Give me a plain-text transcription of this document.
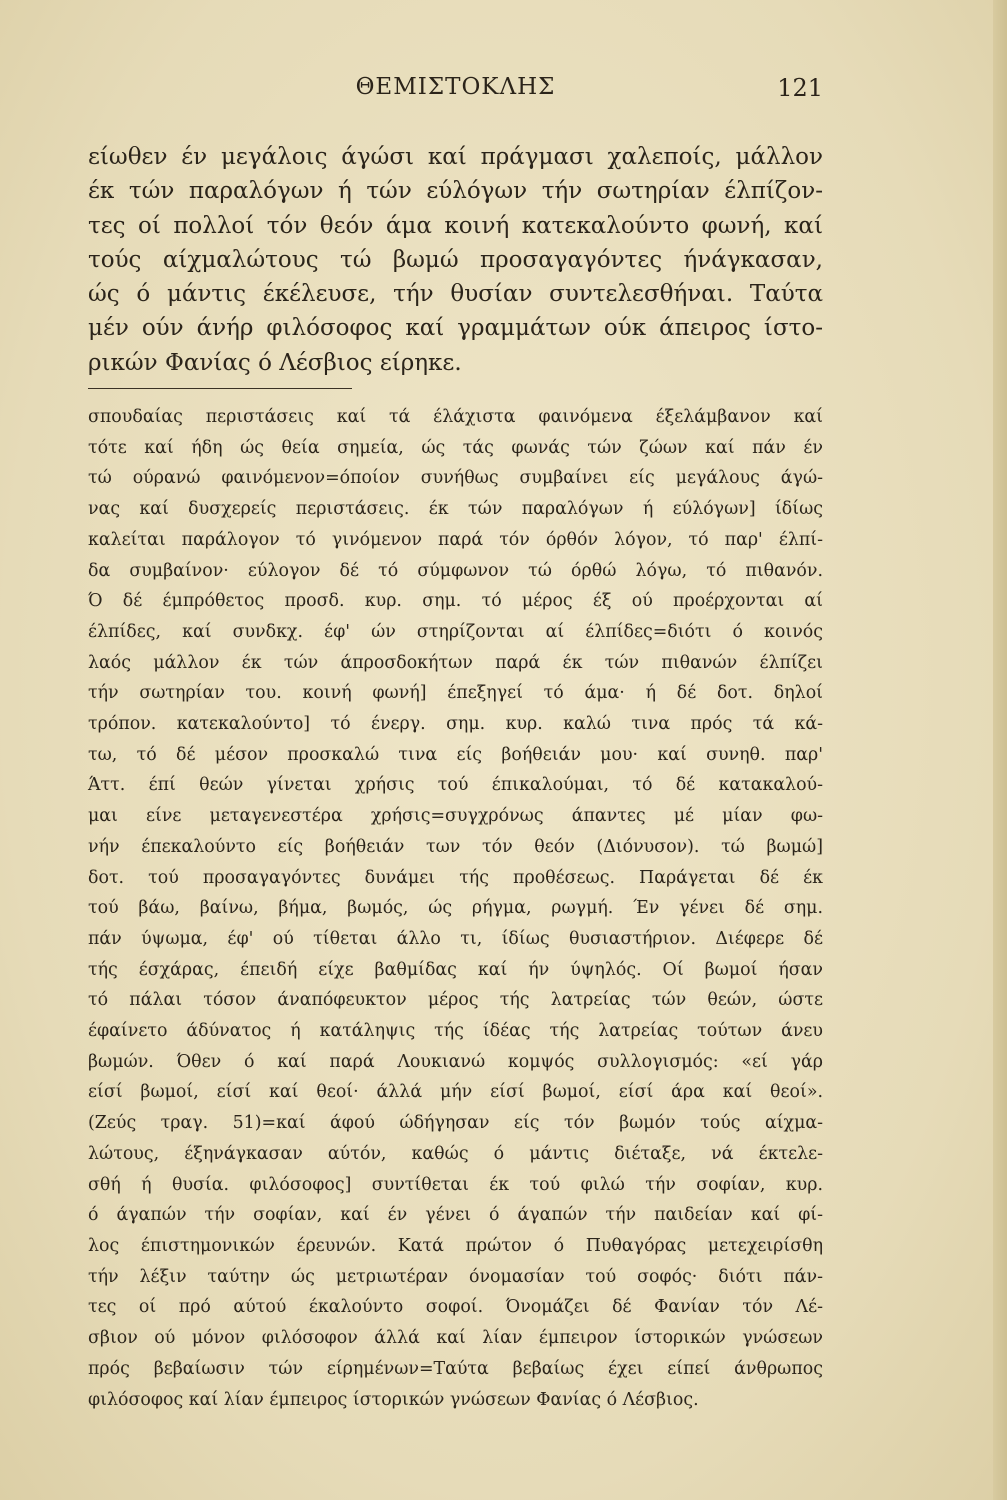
ΘΕΜΙΣΤΟΚΛΗΣ	121
είωθεν έν μεγάλοις άγώσι καί πράγμασι χαλεποίς, μάλλον
έκ τών παραλόγων ή τών εύλόγων τήν σωτηρίαν έλπίζον-
τες οί πολλοί τόν θεόν άμα κοινή κατεκαλούντο φωνή, καί
τούς αίχμαλώτους τώ βωμώ προσαγαγόντες ήνάγκασαν,
ώς ό μάντις έκέλευσε, τήν θυσίαν συντελεσθήναι. Ταύτα
μέν ούν άνήρ φιλόσοφος καί γραμμάτων ούκ άπειρος ίστο-
ρικών Φανίας ό Λέσβιος είρηκε.
σπουδαίας περιστάσεις καί τά έλάχιστα φαινόμενα έξελάμβανον καί
τότε καί ήδη ώς θεία σημεία, ώς τάς φωνάς τών ζώων καί πάν έν
τώ ούρανώ φαινόμενον=όποίον συνήθως συμβαίνει είς μεγάλους άγώ-
νας καί δυσχερείς περιστάσεις. έκ τών παραλόγων ή εύλόγων] ίδίως
καλείται παράλογον τό γινόμενον παρά τόν όρθόν λόγον, τό παρ' έλπί-
δα συμβαίνον· εύλογον δέ τό σύμφωνον τώ όρθώ λόγω, τό πιθανόν.
Ό δέ έμπρόθετος προσδ. κυρ. σημ. τό μέρος έξ ού προέρχονται αί
έλπίδες, καί συνδκχ. έφ' ών στηρίζονται αί έλπίδες=διότι ό κοινός
λαός μάλλον έκ τών άπροσδοκήτων παρά έκ τών πιθανών έλπίζει
τήν σωτηρίαν του. κοινή φωνή] έπεξηγεί τό άμα· ή δέ δοτ. δηλοί
τρόπον. κατεκαλούντο] τό ένεργ. σημ. κυρ. καλώ τινα πρός τά κά-
τω, τό δέ μέσον προσκαλώ τινα είς βοήθειάν μου· καί συνηθ. παρ'
Άττ. έπί θεών γίνεται χρήσις τού έπικαλούμαι, τό δέ κατακαλού-
μαι είνε μεταγενεστέρα χρήσις=συγχρόνως άπαντες μέ μίαν φω-
νήν έπεκαλούντο είς βοήθειάν των τόν θεόν (Διόνυσον). τώ βωμώ]
δοτ. τού προσαγαγόντες δυνάμει τής προθέσεως. Παράγεται δέ έκ
τού βάω, βαίνω, βήμα, βωμός, ώς ρήγμα, ρωγμή. Έν γένει δέ σημ.
πάν ύψωμα, έφ' ού τίθεται άλλο τι, ίδίως θυσιαστήριον. Διέφερε δέ
τής έσχάρας, έπειδή είχε βαθμίδας καί ήν ύψηλός. Οί βωμοί ήσαν
τό πάλαι τόσον άναπόφευκτον μέρος τής λατρείας τών θεών, ώστε
έφαίνετο άδύνατος ή κατάληψις τής ίδέας τής λατρείας τούτων άνευ
βωμών. Όθεν ό καί παρά Λουκιανώ κομψός συλλογισμός: «εί γάρ
είσί βωμοί, είσί καί θεοί· άλλά μήν είσί βωμοί, είσί άρα καί θεοί».
(Ζεύς τραγ. 51)=καί άφού ώδήγησαν είς τόν βωμόν τούς αίχμα-
λώτους, έξηνάγκασαν αύτόν, καθώς ό μάντις διέταξε, νά έκτελε-
σθή ή θυσία. φιλόσοφος] συντίθεται έκ τού φιλώ τήν σοφίαν, κυρ.
ό άγαπών τήν σοφίαν, καί έν γένει ό άγαπών τήν παιδείαν καί φί-
λος έπιστημονικών έρευνών. Κατά πρώτον ό Πυθαγόρας μετεχειρίσθη
τήν λέξιν ταύτην ώς μετριωτέραν όνομασίαν τού σοφός· διότι πάν-
τες οί πρό αύτού έκαλούντο σοφοί. Όνομάζει δέ Φανίαν τόν Λέ-
σβιον ού μόνον φιλόσοφον άλλά καί λίαν έμπειρον ίστορικών γνώσεων
πρός βεβαίωσιν τών είρημένων=Ταύτα βεβαίως έχει είπεί άνθρωπος
φιλόσοφος καί λίαν έμπειρος ίστορικών γνώσεων Φανίας ό Λέσβιος.
